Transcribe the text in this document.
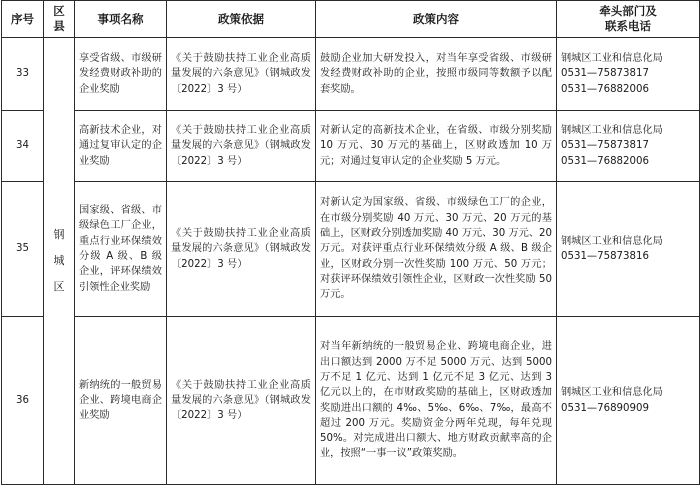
序号	区县	事项名称	政策依据	政策内容	牵头部门及
联系电话
33	钢
城
区	享受省级、市级研发经费财政补助的企业奖励	《关于鼓励扶持工业企业高质量发展的六条意见》（钢城政发〔2022〕3 号）	鼓励企业加大研发投入，对当年享受省级、市级研发经费财政补助的企业，按照市级同等数额予以配套奖励。	钢城区工业和信息化局
0531—75873817
0531—76882006

34		高新技术企业，对通过复审认定的企业奖励	《关于鼓励扶持工业企业高质量发展的六条意见》（钢城政发〔2022〕3 号）	对新认定的高新技术企业，在省级、市级分别奖励 10 万元、30 万元的基础上，区财政透加 10 万元；对通过复审认定的企业奖励 5 万元。	钢城区工业和信息化局
0531—75873817
0531—76882006

35		国家级、省级、市级绿色工厂企业，重点行业环保绩效分级 A 级、B 级企业，评环保绩效引领性企业奖励	《关于鼓励扶持工业企业高质量发展的六条意见》（钢城政发〔2022〕3 号）	对新认定为国家级、省级、市级绿色工厂的企业，在市级分别奖励 40 万元、30 万元、20 万元的基础上，区财政分别透加奖励 40 万元、30 万元、20 万元。对获评重点行业环保绩效分级 A 级、B 级企业，区财政分别一次性奖励 100 万元、50 万元；对获评环保绩效引领性企业，区财政一次性奖励 50 万元。	钢城区工业和信息化局
0531—75873816

36		新纳统的一般贸易企业、跨境电商企业奖励	《关于鼓励扶持工业企业高质量发展的六条意见》（钢城政发〔2022〕3 号）	对当年新纳统的一般贸易企业、跨境电商企业，进出口额达到 2000 万不足 5000 万元、达到 5000 万不足 1 亿元、达到 1 亿元不足 3 亿元、达到 3 亿元以上的，在市财政奖励的基础上，区财政透加奖励进出口额的 4‰、5‰、6‰、7‰，最高不超过 200 万元。奖励资金分两年兑现，每年兑现 50%。对完成进出口额大、地方财政贡献率高的企业，按照“一事一议”政策奖励。	钢城区工业和信息化局
0531—76890909
